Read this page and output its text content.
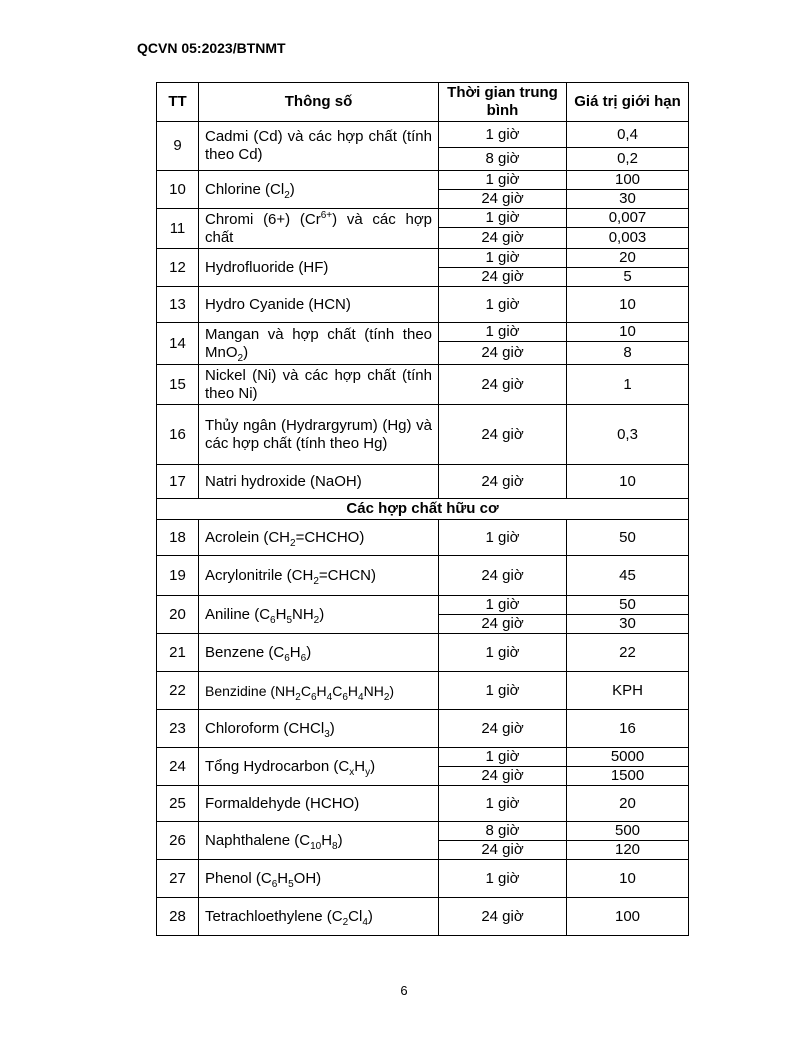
QCVN 05:2023/BTNMT
TT	Thông số	Thời gian trung bình	Giá trị giới hạn
9	Cadmi (Cd) và các hợp chất (tính theo Cd)	1 giờ	0,4
		8 giờ	0,2
10	Chlorine $(Cl_2)$	1 giờ	100
		24 giờ	30
11	Chromi (6+) $(Cr^{6+})$ và các hợp chất	1 giờ	0,007
		24 giờ	0,003
12	Hydrofluoride (HF)	1 giờ	20
		24 giờ	5
13	Hydro Cyanide (HCN)	1 giờ	10
14	Mangan và hợp chất (tính theo MnO$_2$)	1 giờ	10
		24 giờ	8
15	Nickel (Ni) và các hợp chất (tính theo Ni)	24 giờ	1
16	Thủy ngân (Hydrargyrum) (Hg) và các hợp chất (tính theo Hg)	24 giờ	0,3
17	Natri hydroxide (NaOH)	24 giờ	10
Các hợp chất hữu cơ			
18	Acrolein $(CH_2=CHCHO)$	1 giờ	50
19	Acrylonitrile $(CH_2=CHCN)$	24 giờ	45
20	Aniline $(C_6H_5NH_2)$	1 giờ	50
		24 giờ	30
21	Benzene $(C_6H_6)$	1 giờ	22
22	Benzidine $(NH_2C_6H_4C_6H_4NH_2)$	1 giờ	KPH
23	Chloroform (CHCl$_3$)	24 giờ	16
24	Tổng Hydrocarbon $(C_xH_y)$	1 giờ	5000
		24 giờ	1500
25	Formaldehyde (HCHO)	1 giờ	20
26	Naphthalene $(C_{10}H_8)$	8 giờ	500
		24 giờ	120
27	Phenol $(C_6H_5OH)$	1 giờ	10
28	Tetrachloethylene $(C_2Cl_4)$	24 giờ	100
6
